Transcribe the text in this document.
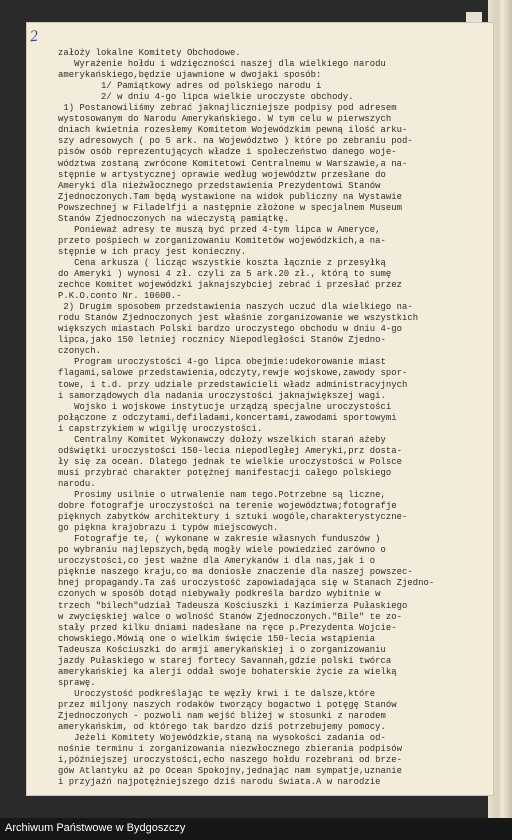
założy lokalne Komitety Obchodowe.
Wyrażenie hołdu i wdzięczności naszej dla wielkiego narodu
amerykańskiego,będzie ujawnione w dwojaki sposób:
1/ Pamiątkowy adres od polskiego narodu i
2/ w dniu 4-go lipca wielkie uroczyste obchody.
1) Postanowiliśmy zebrać jaknajliczniejsze podpisy pod adresem
wystosowanym do Narodu Amerykańskiego. W tym celu w pierwszych
dniach kwietnia rozesłemy Komitetom Wojewódzkim pewną ilość arku-
szy adresowych ( po 5 ark. na Województwo ) które po zebraniu pod-
pisów osób reprezentujących władze i społeczeństwo danego woje-
wództwa zostaną zwrócone Komitetowi Centralnemu w Warszawie,a na-
stępnie w artystycznej oprawie według województw przesłane do
Ameryki dla nieżwłocznego przedstawienia Prezydentowi Stanów
Zjednoczonych.Tam będą wystawione na widok publiczny na Wystawie
Powszechnej w Filadelfji a następnie złożone w specjalnem Museum
Stanów Zjednoczonych na wieczystą pamiątkę.
Ponieważ adresy te muszą być przed 4-tym lipca w Ameryce,
przeto pośpiech w zorganizowaniu Komitetów wojewódzkich,a na-
stępnie w ich pracy jest konieczny.
Cena arkusza ( licząc wszystkie koszta łącznie z przesyłką
do Ameryki ) wynosi 4 zł. czyli za 5 ark.20 zł., którą to sumę
zechce Komitet wojewódzki jaknajszybciej zebrać i przesłać przez
P.K.O.conto Nr. 10600.-
2) Drugim sposobem przedstawienia naszych uczuć dla wielkiego na-
rodu Stanów Zjednoczonych jest właśnie zorganizowanie we wszystkich
większych miastach Polski bardzo uroczystego obchodu w dniu 4-go
lipca,jako 150 letniej rocznicy Niepodległości Stanów Zjedno-
czonych.
Program uroczystości 4-go lipca obejmie:udekorowanie miast
flagami,salowe przedstawienia,odczyty,rewje wojskowe,zawody spor-
towe, i t.d. przy udziale przedstawicieli władz administracyjnych
i samorządowych dla nadania uroczystości jaknajwiększej wagi.
Wojsko i wojskowe instytucje urządzą specjalne uroczystości
połączone z odczytami,defiladami,koncertami,zawodami sportowymi
i capstrzykiem w wigilję uroczystości.
Centralny Komitet Wykonawczy dołoży wszelkich starań ażeby
odświętki uroczystości 150-lecia niepodległej Ameryki,prz dosta-
ły się za ocean. Dlatego jednak te wielkie uroczystości w Polsce
musi przybrać charakter potężnej manifestacji całego polskiego
narodu.
Prosimy usilnie o utrwalenie nam tego.Potrzebne są liczne,
dobre fotografje uroczystości na terenie województwa;fotografje
pięknych zabytków architektury i sztuki wogóle,charakterystyczne-
go piękna krajobrazu i typów miejscowych.
Fotografje te, ( wykonane w zakresie własnych funduszów )
po wybraniu najlepszych,będą mogły wiele powiedzieć zarówno o
uroczystości,co jest ważne dla Amerykanów i dla nas,jak i o
pięknie naszego kraju,co ma doniosłe znaczenie dla naszej powszec-
hnej propagandy.Ta zaś uroczystość zapowiadająca się w Stanach Zjedno-
czonych w sposób dotąd niebywały podkreśla bardzo wybitnie w
trzech "bilech"udział Tadeusza Kościuszki i Kazimierza Pułaskiego
w zwycięskiej walce o wolność Stanów Zjednoczonych."Bile" te zo-
stały przed kilku dniami nadesłane na ręce p.Prezydenta Wojcie-
chowskiego.Mówią one o wielkim święcie 150-lecia wstąpienia
Tadeusza Kościuszki do armji amerykańskiej i o zorganizowaniu
jazdy Pułaskiego w starej fortecy Savannah,gdzie polski twórca
amerykańskiej ka alerji oddał swoje bohaterskie życie za wielką
sprawę.
Uroczystość podkreślając te węzły krwi i te dalsze,które
przez miljony naszych rodaków tworzący bogactwo i potęgę Stanów
Zjednoczonych - pozwoli nam wejść bliżej w stosunki z narodem
amerykańskim, od którego tak bardzo dziś potrzebujemy pomocy.
Jeżeli Komitety Wojewódzkie,staną na wysokości zadania od-
nośnie terminu i zorganizowania niezwłocznego zbierania podpisów
i,późniejszej uroczystości,echo naszego hołdu rozebrani od brze-
gów Atlantyku aż po Ocean Spokojny,jednając nam sympatje,uznanie
i przyjaźń najpotężniejszego dziś narodu świata.A w narodzie
2
Archiwum Państwowe w Bydgoszczy
